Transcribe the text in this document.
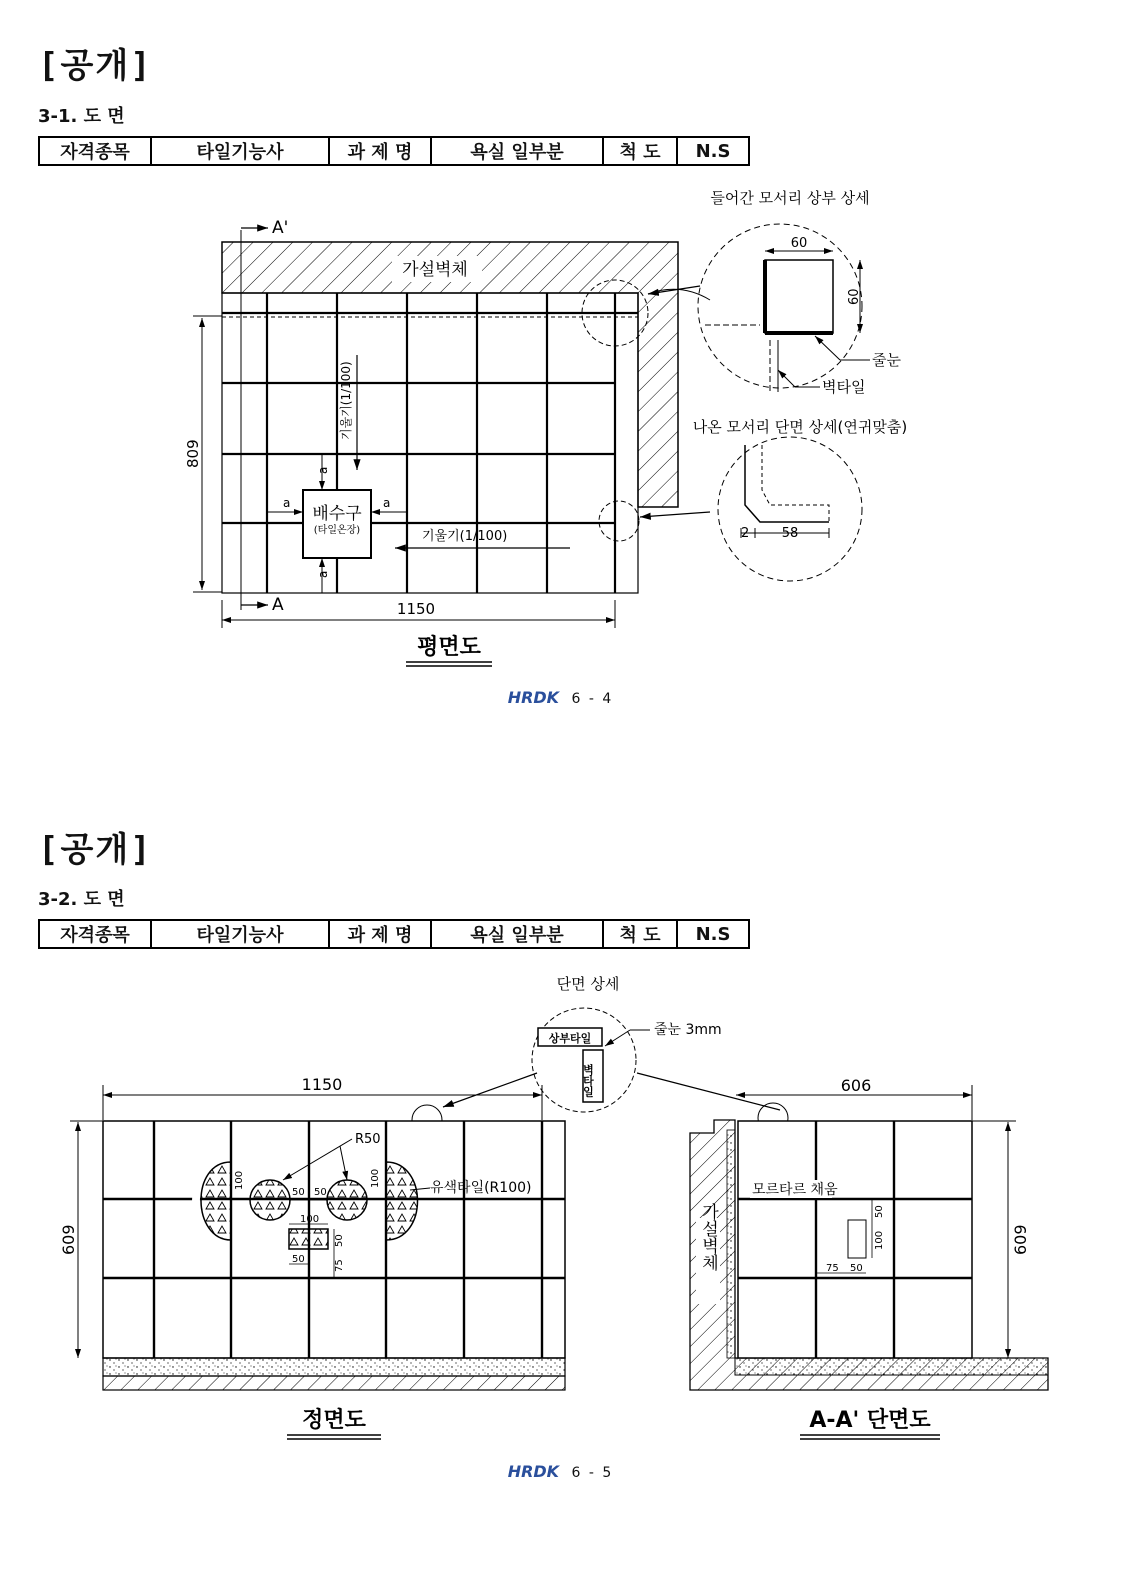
[공개]
3-1. 도 면
자격종목	타일기능사	과 제 명	욕실 일부분	척 도	N.S
가설벽체
A'
A
배수구
(타일온장)
a	a
a
a
기울기(1/100)
기울기(1/100)
809
1150
들어간 모서리 상부 상세
60
60
줄눈
벽타일
나온 모서리 단면 상세(연귀맞춤)
2 58
평면도
HRDK 6 - 4
[공개]
3-2. 도 면
자격종목	타일기능사	과 제 명	욕실 일부분	척 도	N.S
단면 상세
상부타일
벽타일
줄눈 3mm
1150
609
R50
유색타일(R100)
100	100
50 50
100
50
50	75
정면도
606
가설벽체
모르타르 채움
50
100
75 50
609
A-A' 단면도
HRDK 6 - 5
